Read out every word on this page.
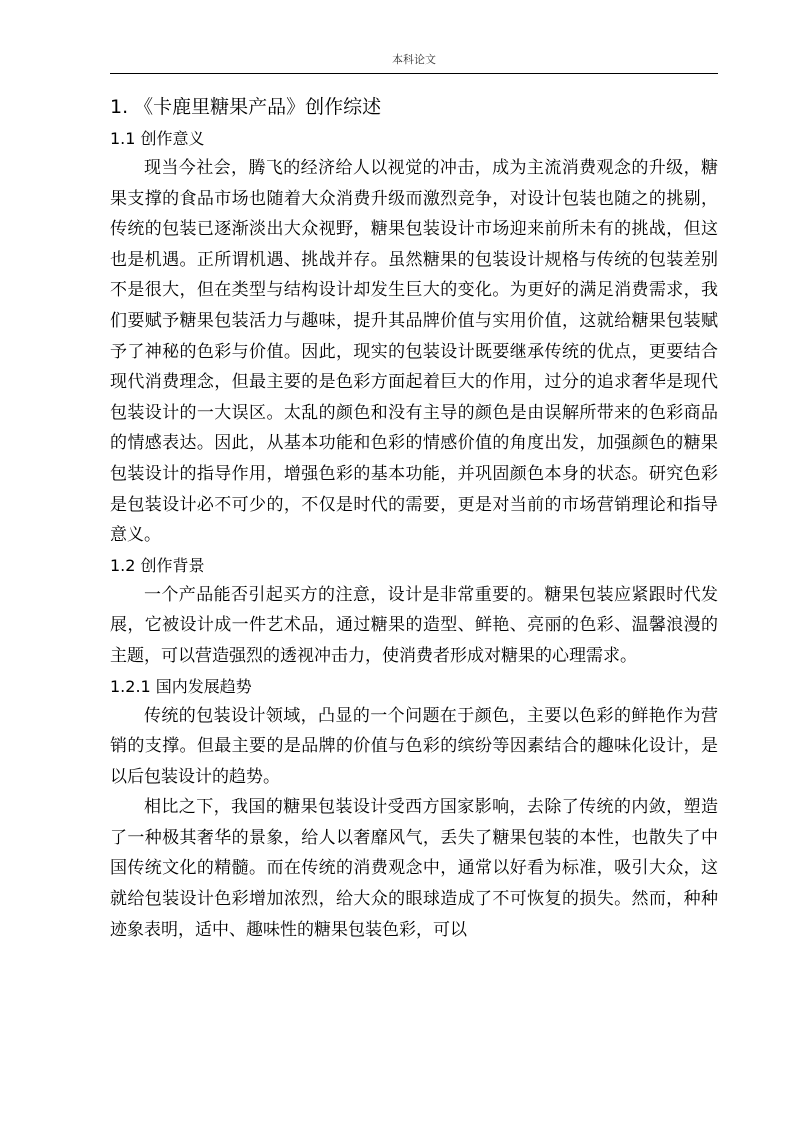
本科论文
1. 《卡鹿里糖果产品》创作综述
1.1 创作意义

现当今社会，腾飞的经济给人以视觉的冲击，成为主流消费观念的升级，糖果支撑的食品市场也随着大众消费升级而激烈竞争，对设计包装也随之的挑剔，传统的包装已逐渐淡出大众视野，糖果包装设计市场迎来前所未有的挑战，但这也是机遇。正所谓机遇、挑战并存。虽然糖果的包装设计规格与传统的包装差别不是很大，但在类型与结构设计却发生巨大的变化。为更好的满足消费需求，我们要赋予糖果包装活力与趣味，提升其品牌价值与实用价值，这就给糖果包装赋予了神秘的色彩与价值。因此，现实的包装设计既要继承传统的优点，更要结合现代消费理念，但最主要的是色彩方面起着巨大的作用，过分的追求奢华是现代包装设计的一大误区。太乱的颜色和没有主导的颜色是由误解所带来的色彩商品的情感表达。因此，从基本功能和色彩的情感价值的角度出发，加强颜色的糖果包装设计的指导作用，增强色彩的基本功能，并巩固颜色本身的状态。研究色彩是包装设计必不可少的，不仅是时代的需要，更是对当前的市场营销理论和指导意义。

1.2 创作背景

一个产品能否引起买方的注意，设计是非常重要的。糖果包装应紧跟时代发展，它被设计成一件艺术品，通过糖果的造型、鲜艳、亮丽的色彩、温馨浪漫的主题，可以营造强烈的透视冲击力，使消费者形成对糖果的心理需求。

1.2.1 国内发展趋势

传统的包装设计领域，凸显的一个问题在于颜色，主要以色彩的鲜艳作为营销的支撑。但最主要的是品牌的价值与色彩的缤纷等因素结合的趣味化设计，是以后包装设计的趋势。

相比之下，我国的糖果包装设计受西方国家影响，去除了传统的内敛，塑造了一种极其奢华的景象，给人以奢靡风气，丢失了糖果包装的本性，也散失了中国传统文化的精髓。而在传统的消费观念中，通常以好看为标准，吸引大众，这就给包装设计色彩增加浓烈，给大众的眼球造成了不可恢复的损失。然而，种种迹象表明，适中、趣味性的糖果包装色彩，可以
